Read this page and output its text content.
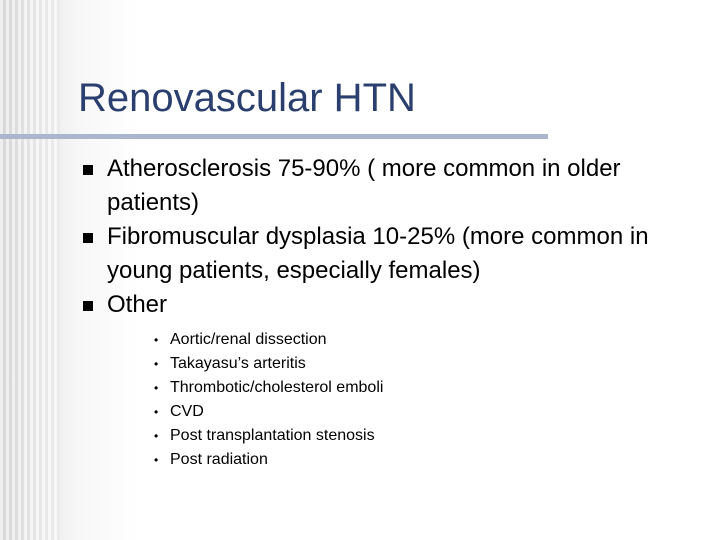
Renovascular HTN
Atherosclerosis 75-90% ( more common in older patients)
Fibromuscular dysplasia 10-25% (more common in young patients, especially females)
Other
• Aortic/renal dissection
• Takayasu’s arteritis
• Thrombotic/cholesterol emboli
• CVD
• Post transplantation stenosis
• Post radiation
